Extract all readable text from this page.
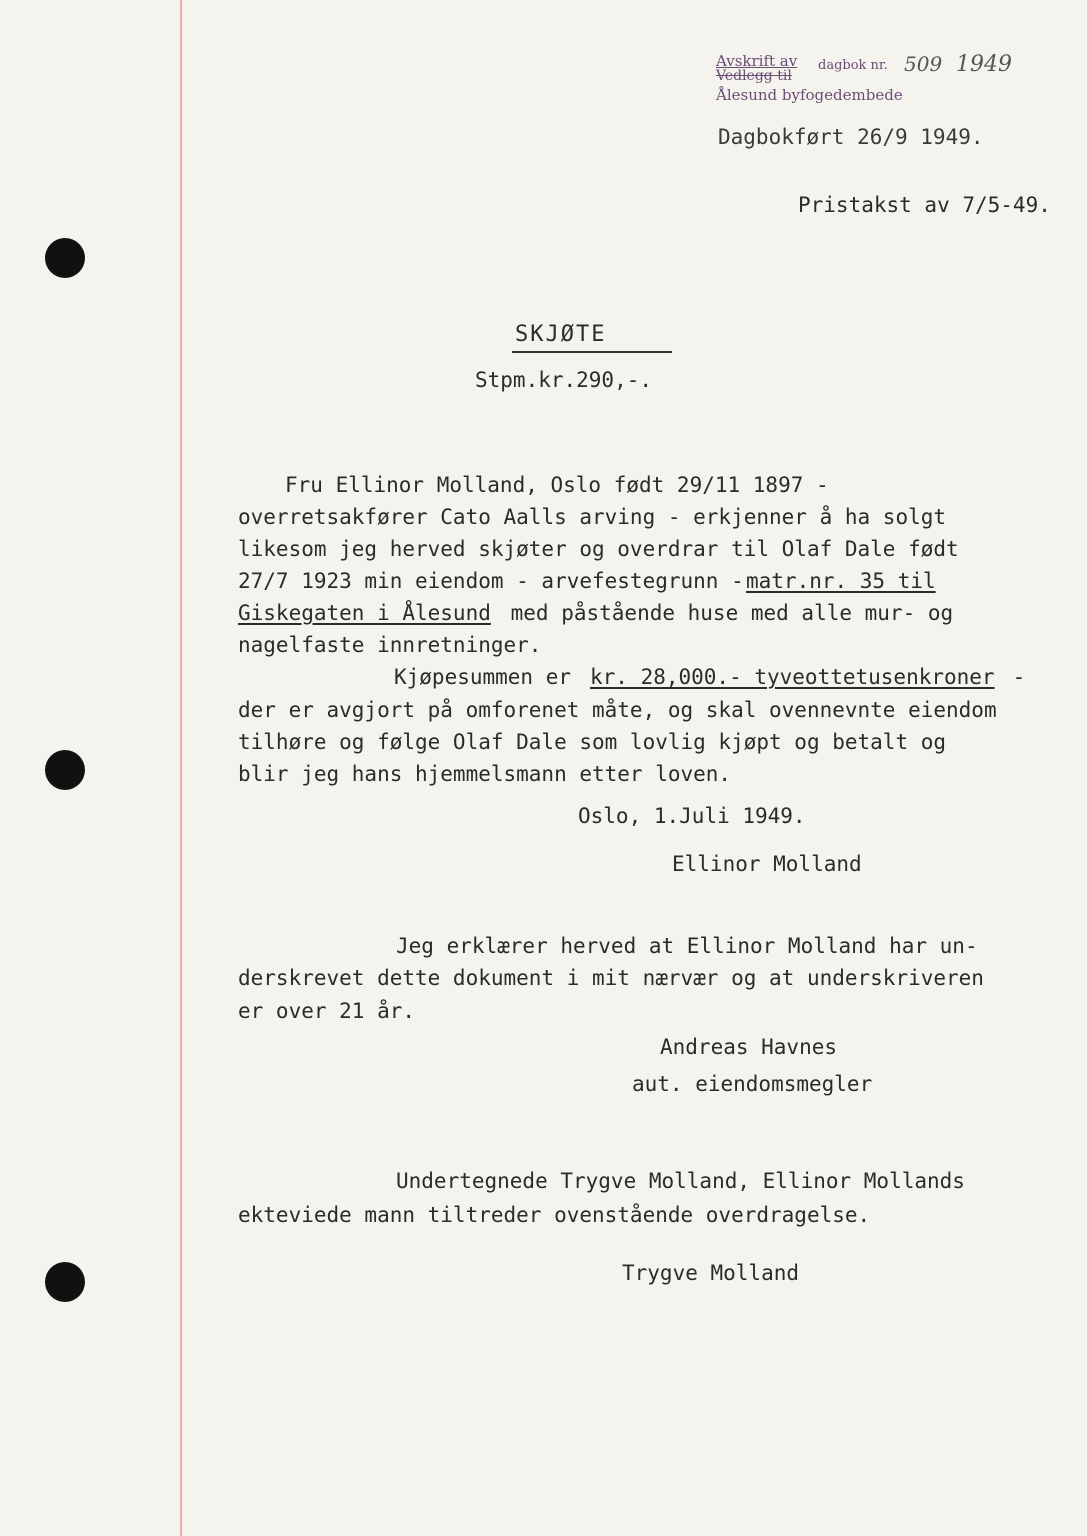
Avskrift av dagbok nr. 509 1949
Vedlegg til
Ålesund byfogedembede
Dagbokført 26/9 1949.
Pristakst av 7/5-49.
SKJØTE
Stpm.kr.290,-.
Fru Ellinor Molland, Oslo født 29/11 1897 -
overretsakfører Cato Aalls arving - erkjenner å ha solgt
likesom jeg herved skjøter og overdrar til Olaf Dale født
27/7 1923 min eiendom - arvefestegrunn -
matr.nr. 35 til
Giskegaten i Ålesund med påstående huse med alle mur- og
nagelfaste innretninger.
Kjøpesummen er kr. 28,000.- tyveottetusenkroner -
der er avgjort på omforenet måte, og skal ovennevnte eiendom
tilhøre og følge Olaf Dale som lovlig kjøpt og betalt og
blir jeg hans hjemmelsmann etter loven.
Oslo, 1.Juli 1949.
Ellinor Molland
Jeg erklærer herved at Ellinor Molland har un-
derskrevet dette dokument i mit nærvær og at underskriveren
er over 21 år.
Andreas Havnes
aut. eiendomsmegler
Undertegnede Trygve Molland, Ellinor Mollands
ekteviede mann tiltreder ovenstående overdragelse.
Trygve Molland
